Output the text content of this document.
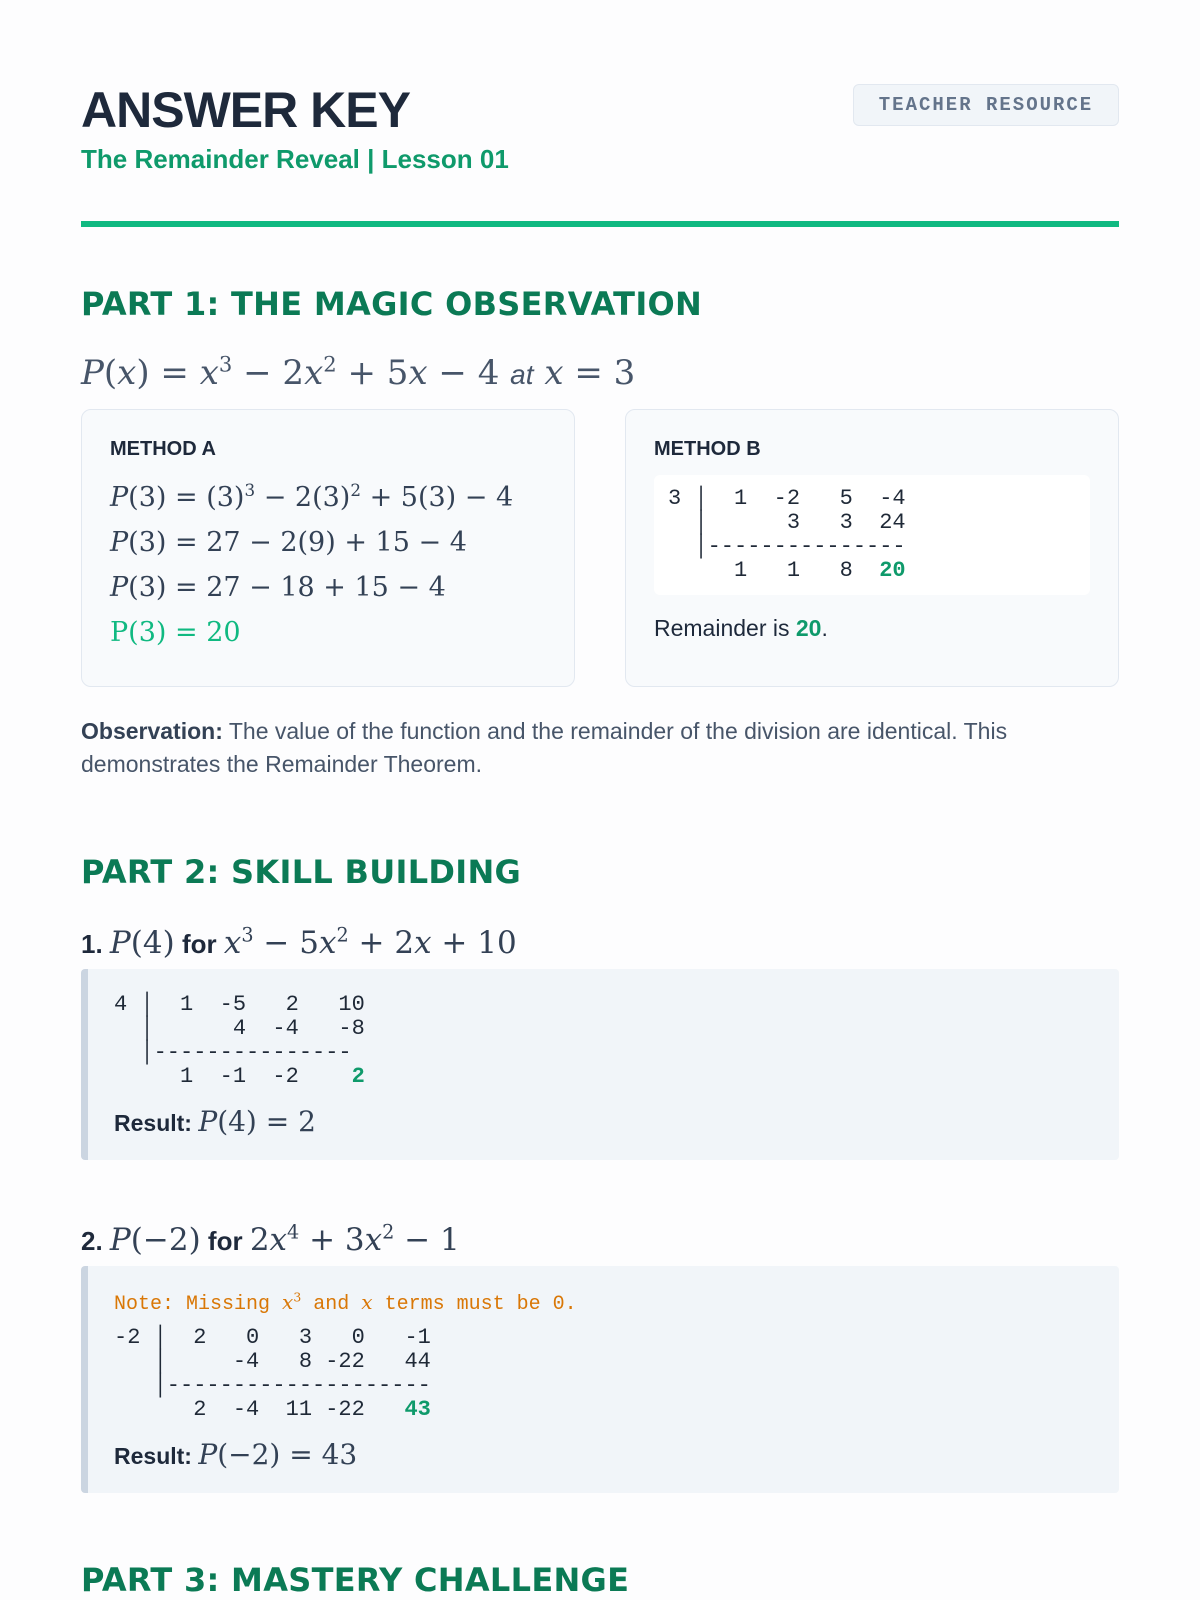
ANSWER KEY
The Remainder Reveal | Lesson 01
TEACHER RESOURCE
PART 1: THE MAGIC OBSERVATION
$P(x) = x^3 - 2x^2 + 5x - 4$ at x = 3
METHOD A
$P(3) = (3)^3 - 2(3)^2 + 5(3) - 4$
P(3) = 27 − 2(9) + 15 − 4
P(3) = 27 − 18 + 15 − 4
P(3) = 20
METHOD B
3 │  1  -2   5  -4
│      3   3  24
│---------------
1   1   8  20
Remainder is 20.
Observation: The value of the function and the remainder of the division are identical. This demonstrates the Remainder Theorem.
PART 2: SKILL BUILDING
1. P(4) for $x^3 - 5x^2 + 2x + 10$
4 │  1  -5   2   10
│      4  -4   -8
│---------------
1  -1  -2    2
Result: P(4) = 2
2. P(−2) for $2x^4 + 3x^2 - 1$
Note: Missing $x^3$ and x terms must be 0.
-2 │  2   0   3   0   -1
│     -4   8 -22   44
│--------------------
2  -4  11 -22   43
Result: P(−2) = 43
PART 3: MASTERY CHALLENGE
